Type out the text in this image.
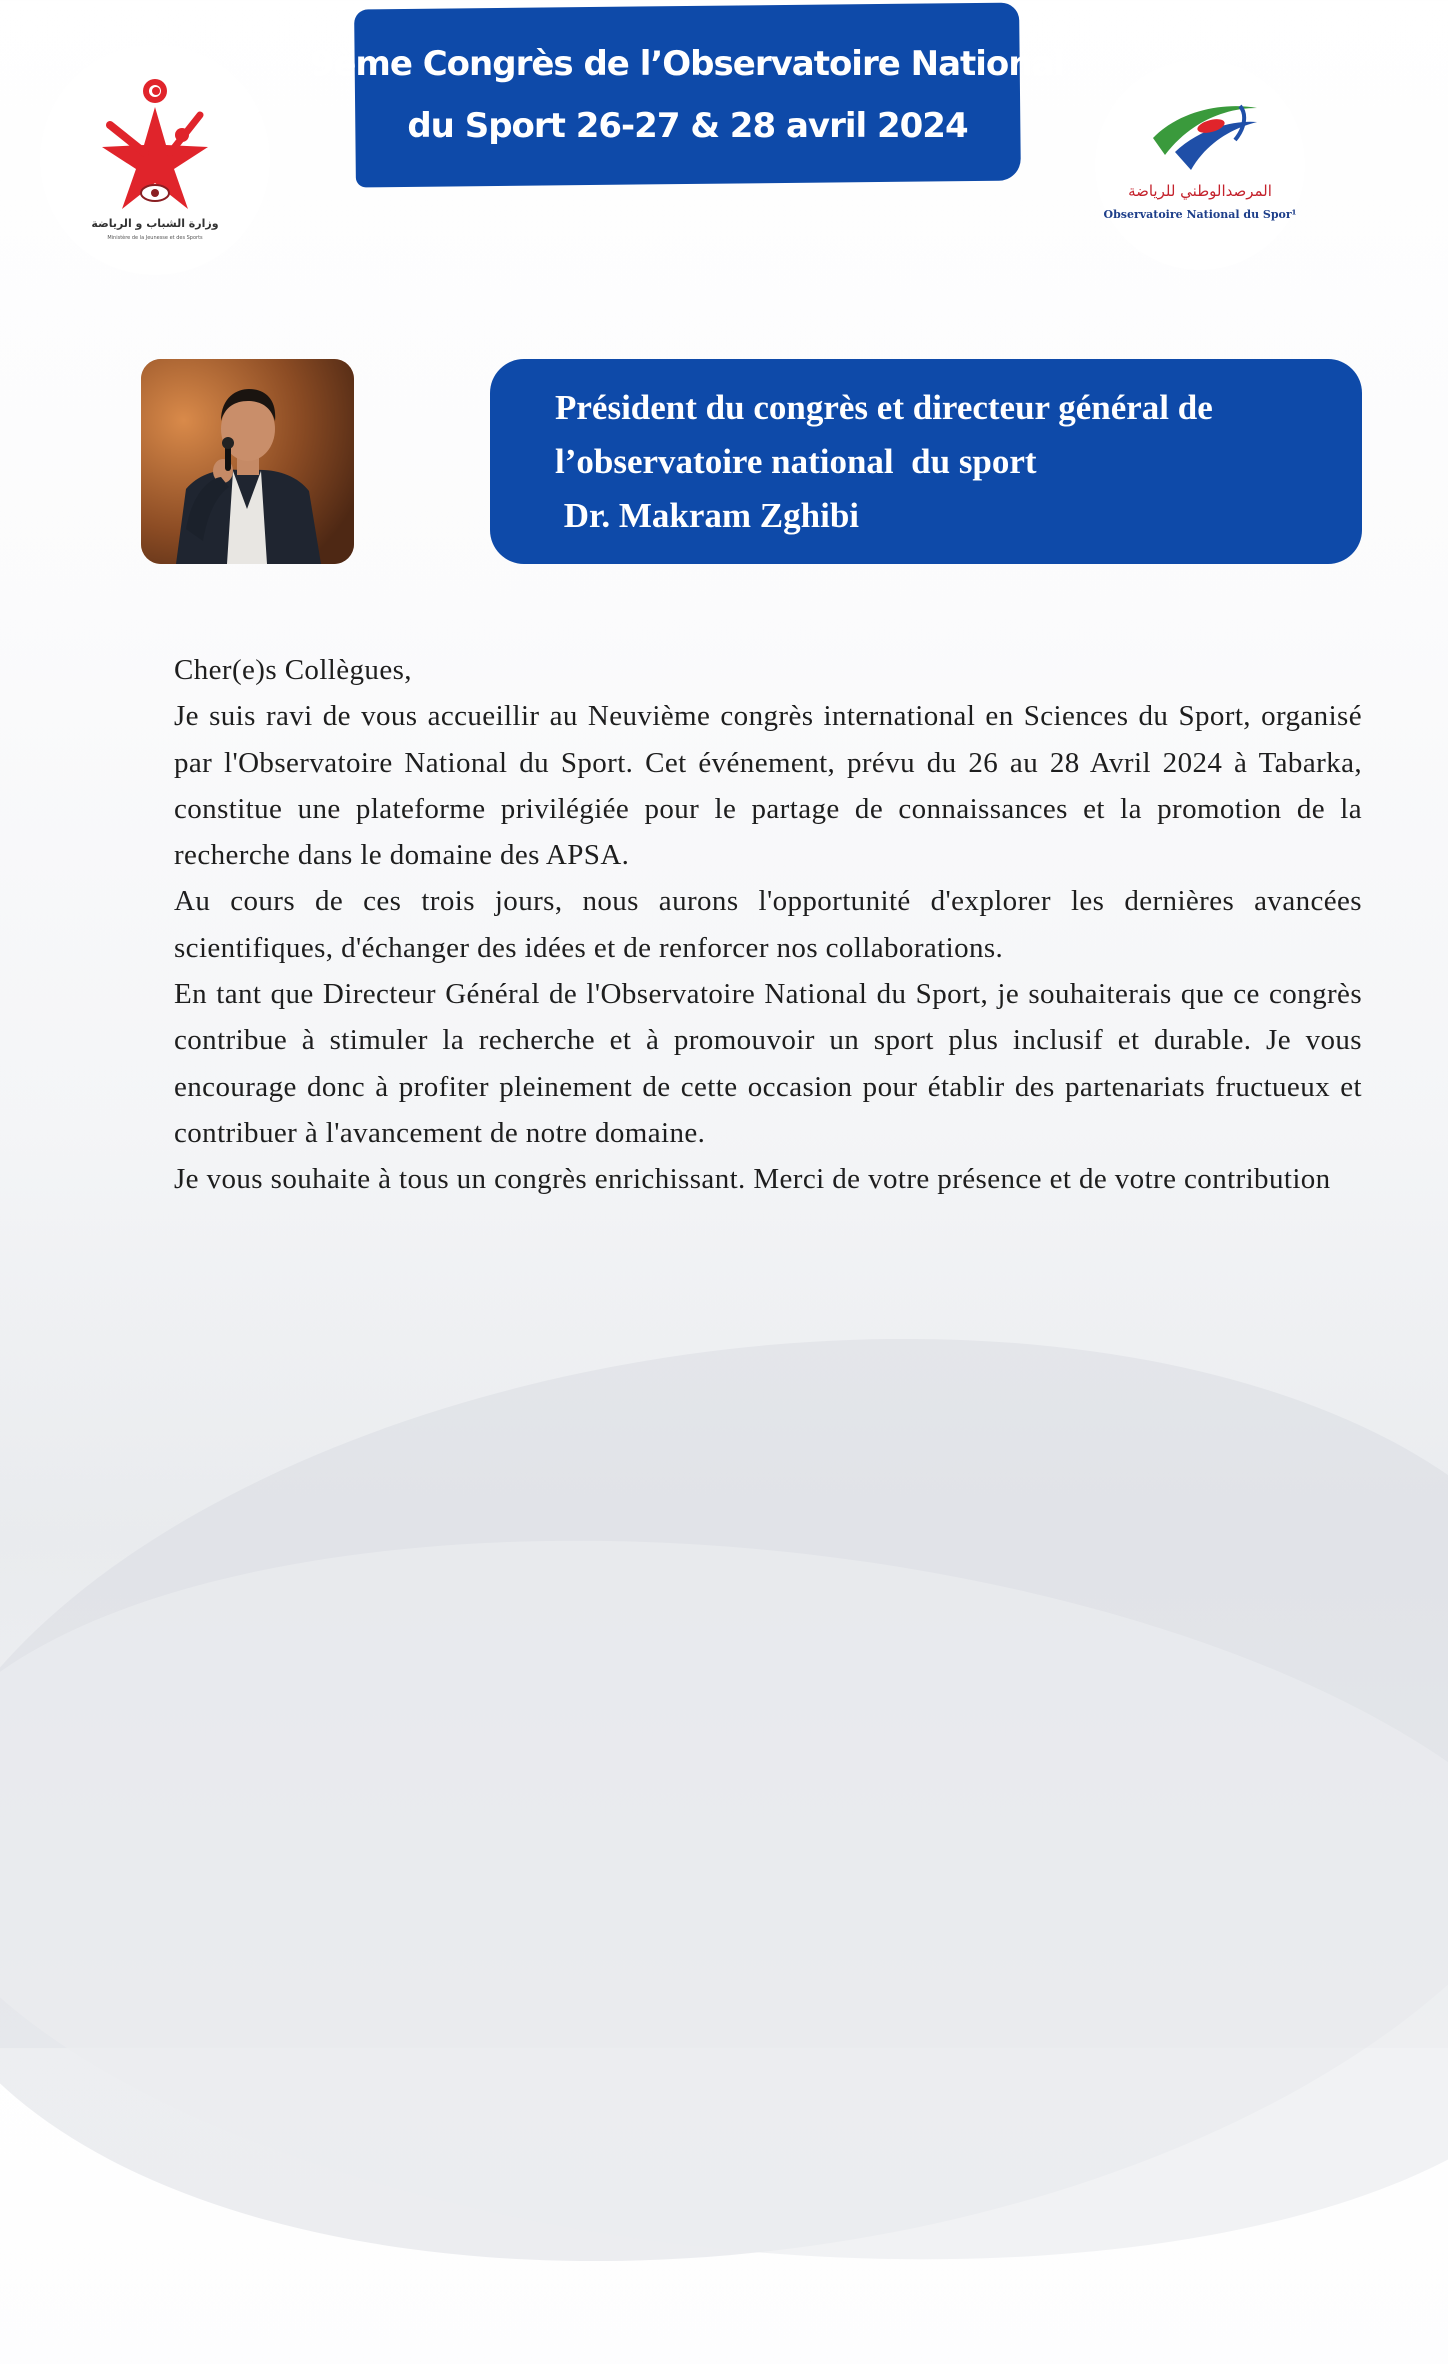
وزارة الشباب و الرياضة
Ministère de la Jeunesse et des Sports
9ème Congrès de l’Observatoire National
du Sport 26-27 & 28 avril 2024
المرصدالوطني للرياضة
Observatoire National du Spor¹
Président du congrès et directeur général de
l’observatoire national  du sport
Dr. Makram Zghibi

Cher(e)s Collègues,

Je suis ravi de vous accueillir au Neuvième congrès international en Sciences du Sport, organisé par l'Observatoire National du Sport. Cet événement, prévu du 26 au 28 Avril 2024 à Tabarka, constitue une plateforme privilégiée pour le partage de connaissances et la promotion de la recherche dans le domaine des APSA.

Au cours de ces trois jours, nous aurons l'opportunité d'explorer les dernières avancées scientifiques, d'échanger des idées et de renforcer nos collaborations.

En tant que Directeur Général de l'Observatoire National du Sport, je souhaiterais que ce congrès contribue à stimuler la recherche et à promouvoir un sport plus inclusif et durable. Je vous encourage donc à profiter pleinement de cette occasion pour établir des partenariats fructueux et contribuer à l'avancement de notre domaine.

Je vous souhaite à tous un congrès enrichissant. Merci de votre présence et de votre contribution
